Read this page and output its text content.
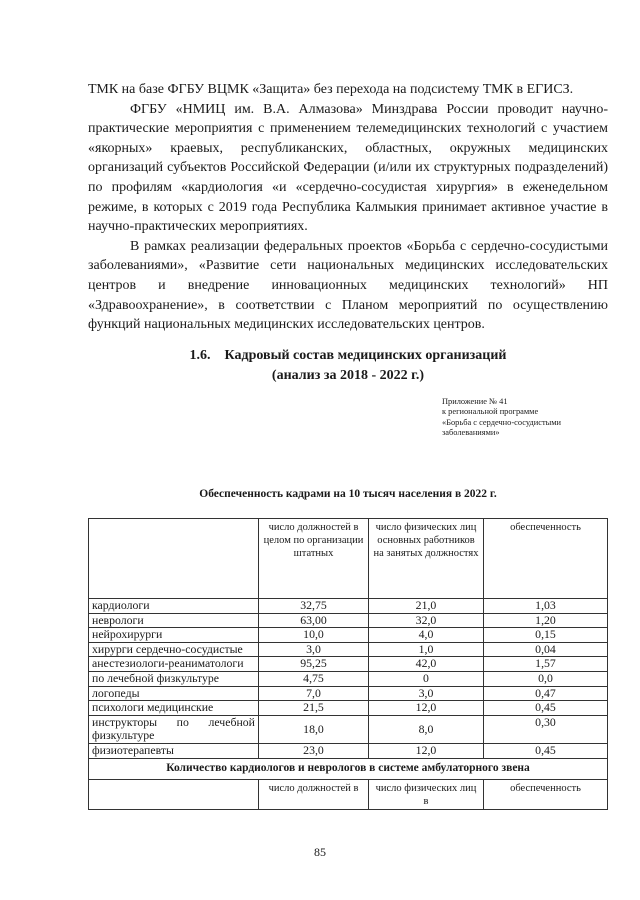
ТМК на базе ФГБУ ВЦМК «Защита» без перехода на подсистему ТМК в ЕГИСЗ.

ФГБУ «НМИЦ им. В.А. Алмазова» Минздрава России проводит научно-практические мероприятия с применением телемедицинских технологий с участием «якорных» краевых, республиканских, областных, окружных медицинских организаций субъектов Российской Федерации (и/или их структурных подразделений) по профилям «кардиология «и «сердечно-сосудистая хирургия» в еженедельном режиме, в которых с 2019 года Республика Калмыкия принимает активное участие в научно-практических мероприятиях.

В рамках реализации федеральных проектов «Борьба с сердечно-сосудистыми заболеваниями», «Развитие сети национальных медицинских исследовательских центров и внедрение инновационных медицинских технологий» НП «Здравоохранение», в соответствии с Планом мероприятий по осуществлению функций национальных медицинских исследовательских центров.

1.6. Кадровый состав медицинских организаций
(анализ за 2018 - 2022 г.)
Приложение № 41
к региональной программе
«Борьба с сердечно-сосудистыми
заболеваниями»
Обеспеченность кадрами на 10 тысяч населения в 2022 г.
	число должностей в целом по организации штатных	число физических лиц основных работников на занятых должностях	обеспеченность
кардиологи	32,75	21,0	1,03
неврологи	63,00	32,0	1,20
нейрохирурги	10,0	4,0	0,15
хирурги сердечно-сосудистые	3,0	1,0	0,04
анестезиологи-реаниматологи	95,25	42,0	1,57
по лечебной физкультуре	4,75	0	0,0
логопеды	7,0	3,0	0,47
психологи медицинские	21,5	12,0	0,45

инструкторы по лечебной
физкультуре	18,0	8,0	0,30
физиотерапевты	23,0	12,0	0,45
Количество кардиологов и неврологов в системе амбулаторного звена			
	число должностей в	число физических лиц в	обеспеченность
85
